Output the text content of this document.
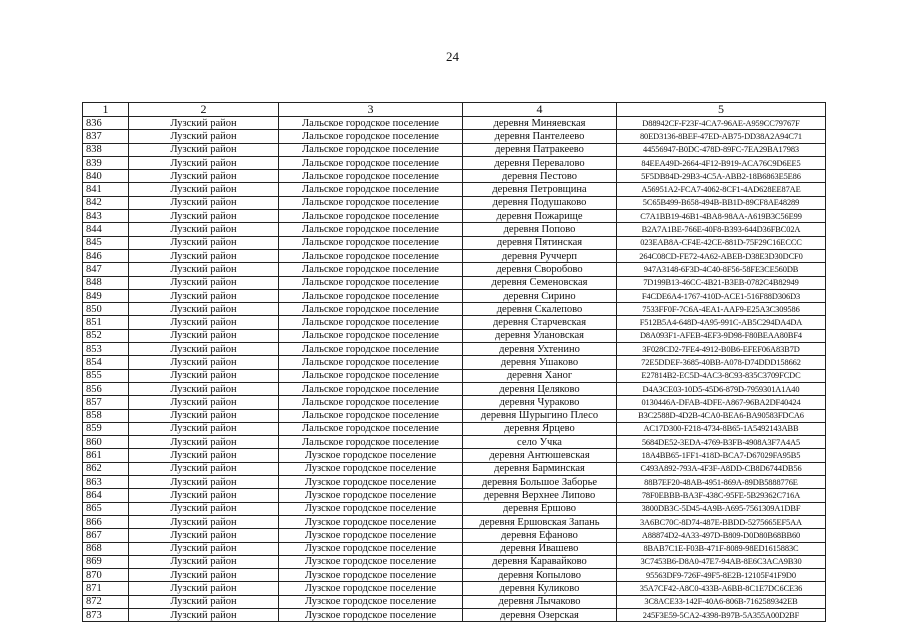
24
1	2	3	4	5
836	Лузский район	Лальское городское поселение	деревня Миняевская	D88942CF-F23F-4CA7-96AE-A959CC79767F
837	Лузский район	Лальское городское поселение	деревня Пантелеево	80ED3136-8BEF-47ED-AB75-DD38A2A94C71
838	Лузский район	Лальское городское поселение	деревня Патракеево	44556947-B0DC-478D-89FC-7EA29BA17983
839	Лузский район	Лальское городское поселение	деревня Перевалово	84EEA49D-2664-4F12-B919-ACA76C9D6EE5
840	Лузский район	Лальское городское поселение	деревня Пестово	5F5DB84D-29B3-4C5A-ABB2-18B6863E5E86
841	Лузский район	Лальское городское поселение	деревня Петровщина	A56951A2-FCA7-4062-8CF1-4AD628EE87AE
842	Лузский район	Лальское городское поселение	деревня Подушаково	5C65B499-B658-494B-BB1D-89CF8AE48289
843	Лузский район	Лальское городское поселение	деревня Пожарище	C7A1BB19-46B1-4BA8-98AA-A619B3C56E99
844	Лузский район	Лальское городское поселение	деревня Попово	B2A7A1BE-766E-40F8-B393-644D36FBC02A
845	Лузский район	Лальское городское поселение	деревня Пятинская	023EAB8A-CF4E-42CE-881D-75F29C16ECCC
846	Лузский район	Лальское городское поселение	деревня Руччерп	264C08CD-FE72-4A62-ABEB-D38E3D30DCF0
847	Лузский район	Лальское городское поселение	деревня Своробово	947A3148-6F3D-4C40-8F56-58FE3CE560DB
848	Лузский район	Лальское городское поселение	деревня Семеновская	7D199B13-46CC-4B21-B3EB-0782C4B82949
849	Лузский район	Лальское городское поселение	деревня Сирино	F4CDE6A4-1767-410D-ACE1-516F88D306D3
850	Лузский район	Лальское городское поселение	деревня Скалепово	7533FF0F-7C6A-4EA1-AAF9-E25A3C309586
851	Лузский район	Лальское городское поселение	деревня Старчевская	F512B5A4-648D-4A95-991C-AB5C294DA4DA
852	Лузский район	Лальское городское поселение	деревня Улановская	D8A093F1-AFEB-4EF3-9D98-F80BEAA80BF4
853	Лузский район	Лальское городское поселение	деревня Ухтенино	3F028CD2-7FE4-4912-B0B6-EFEF06A83B7D
854	Лузский район	Лальское городское поселение	деревня Ушаково	72E5DDEF-3685-40BB-A078-D74DDD158662
855	Лузский район	Лальское городское поселение	деревня Ханог	E27814B2-EC5D-4AC3-8C93-835C3709FCDC
856	Лузский район	Лальское городское поселение	деревня Целяково	D4A3CE03-10D5-45D6-879D-7959301A1A40
857	Лузский район	Лальское городское поселение	деревня Чураково	0130446A-DFAB-4DFE-A867-96BA2DF40424
858	Лузский район	Лальское городское поселение	деревня Шурыгино Плесо	B3C2588D-4D2B-4CA0-BEA6-BA90583FDCA6
859	Лузский район	Лальское городское поселение	деревня Ярцево	AC17D300-F218-4734-8B65-1A5492143ABB
860	Лузский район	Лальское городское поселение	село Учка	5684DE52-3EDA-4769-B3FB-4908A3F7A4A5
861	Лузский район	Лузское городское поселение	деревня Антюшевская	18A4BB65-1FF1-418D-BCA7-D67029FA95B5
862	Лузский район	Лузское городское поселение	деревня Барминская	C493A892-793A-4F3F-A8DD-CB8D6744DB56
863	Лузский район	Лузское городское поселение	деревня Большое Заборье	88B7EF20-48AB-4951-869A-89DB5888776E
864	Лузский район	Лузское городское поселение	деревня Верхнее Липово	78F0EBBB-BA3F-438C-95FE-5B29362C716A
865	Лузский район	Лузское городское поселение	деревня Ершово	3800DB3C-5D45-4A9B-A695-7561309A1DBF
866	Лузский район	Лузское городское поселение	деревня Ершовская Запань	3A6BC70C-8D74-487E-BBDD-5275665EF5AA
867	Лузский район	Лузское городское поселение	деревня Ефаново	A88874D2-4A33-497D-B809-D0D80B68BB60
868	Лузский район	Лузское городское поселение	деревня Ивашево	8BAB7C1E-F03B-471F-8089-98ED1615883C
869	Лузский район	Лузское городское поселение	деревня Каравайково	3C7453B6-D8A0-47E7-94AB-8E6C3ACA9B30
870	Лузский район	Лузское городское поселение	деревня Копылово	95563DF9-726F-49F5-8E2B-12105F41F9D0
871	Лузский район	Лузское городское поселение	деревня Куликово	35A7CF42-A8C0-433B-A6BB-8C1E7DC6CE36
872	Лузский район	Лузское городское поселение	деревня Лычаково	3C8ACE33-142F-40A6-806B-7162589342EB
873	Лузский район	Лузское городское поселение	деревня Озерская	245F3E59-5CA2-4398-B97B-5A355A00D2BF
